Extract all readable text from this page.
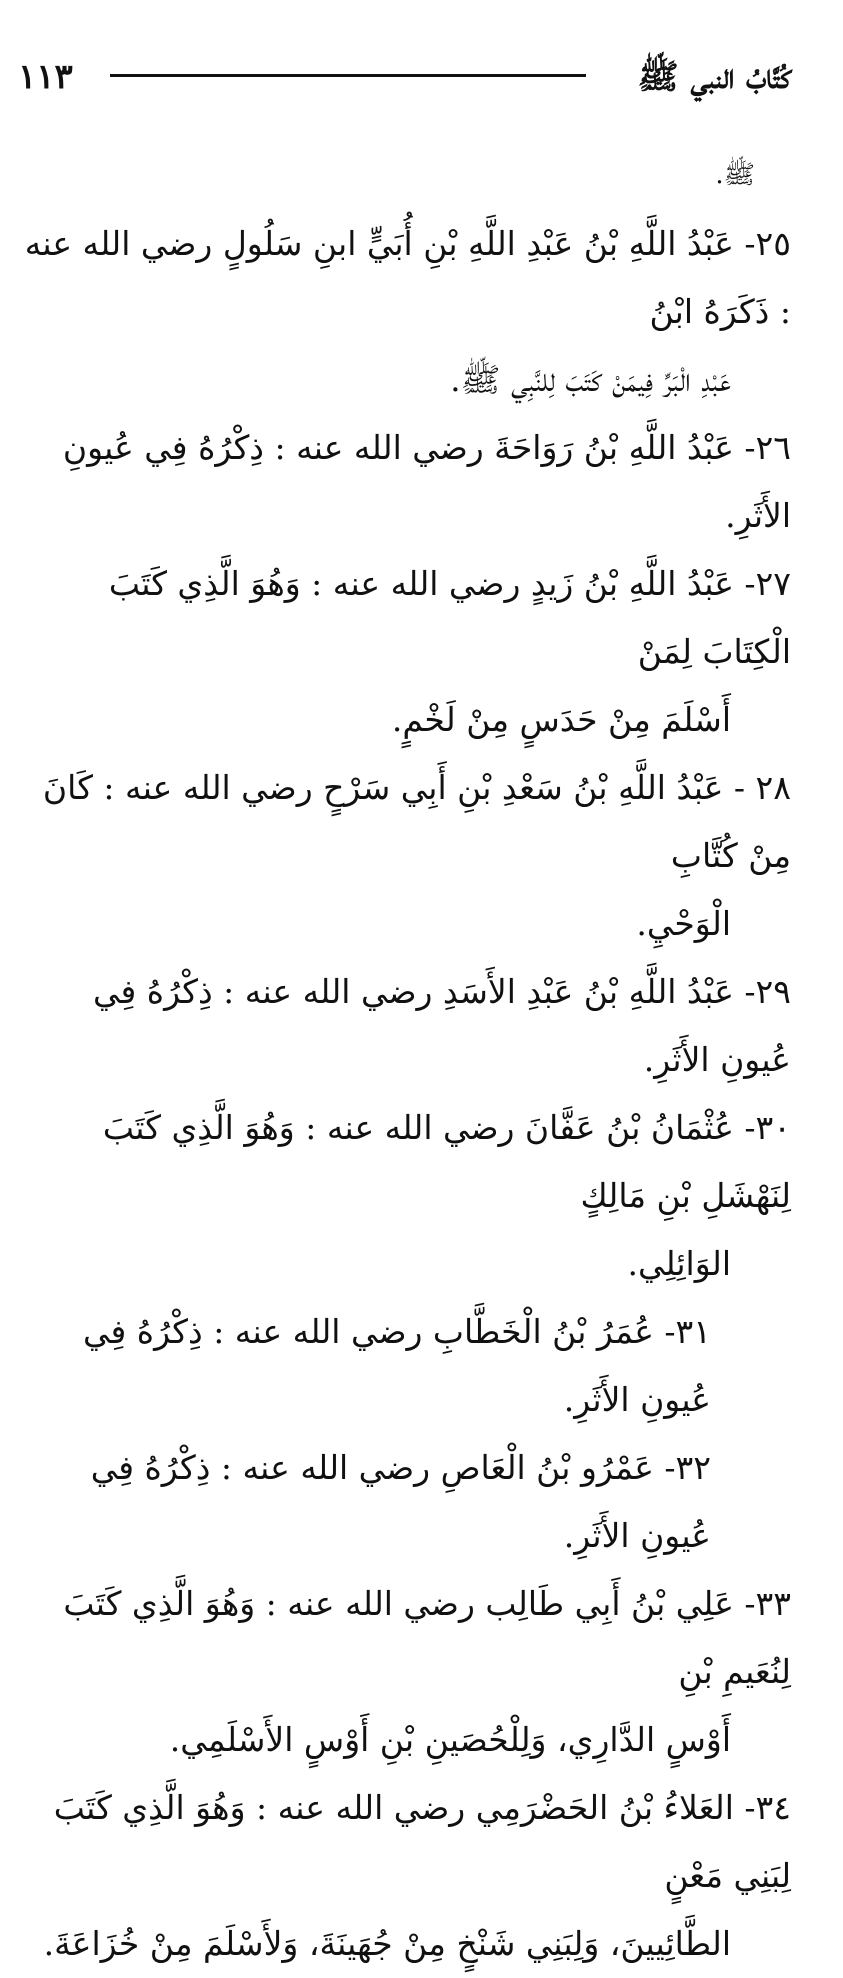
كُتَّابُ النبي ﷺ
١١٣
ﷺ.
٢٥- عَبْدُ اللَّهِ بْنُ عَبْدِ اللَّهِ بْنِ أُبَيٍّ ابنِ سَلُولٍ رضي الله عنه : ذَكَرَهُ ابْنُ
عَبْدِ الْبَرِّ فِيمَنْ كَتَبَ لِلنَّبِي ﷺ.
٢٦- عَبْدُ اللَّهِ بْنُ رَوَاحَةَ رضي الله عنه : ذِكْرُهُ فِي عُيونِ الأَثَرِ.
٢٧- عَبْدُ اللَّهِ بْنُ زَيدٍ رضي الله عنه : وَهُوَ الَّذِي كَتَبَ الْكِتَابَ لِمَنْ
أَسْلَمَ مِنْ حَدَسٍ مِنْ لَخْمٍ.
٢٨ - عَبْدُ اللَّهِ بْنُ سَعْدِ بْنِ أَبِي سَرْحٍ رضي الله عنه : كَانَ مِنْ كُتَّابِ
الْوَحْيِ.
٢٩- عَبْدُ اللَّهِ بْنُ عَبْدِ الأَسَدِ رضي الله عنه : ذِكْرُهُ فِي عُيونِ الأَثَرِ.
٣٠- عُثْمَانُ بْنُ عَفَّانَ رضي الله عنه : وَهُوَ الَّذِي كَتَبَ لِنَهْشَلِ بْنِ مَالِكٍ
الوَائِلِي.
٣١- عُمَرُ بْنُ الْخَطَّابِ رضي الله عنه : ذِكْرُهُ فِي عُيونِ الأَثَرِ.
٣٢- عَمْرُو بْنُ الْعَاصِ رضي الله عنه : ذِكْرُهُ فِي عُيونِ الأَثَرِ.
٣٣- عَلِي بْنُ أَبِي طَالِب رضي الله عنه : وَهُوَ الَّذِي كَتَبَ لِنُعَيمِ بْنِ
أَوْسٍ الدَّارِي، وَلِلْحُصَينِ بْنِ أَوْسٍ الأَسْلَمِي.
٣٤- العَلاءُ بْنُ الحَضْرَمِي رضي الله عنه : وَهُوَ الَّذِي كَتَبَ لِبَنِي مَعْنٍ
الطَّائِيينَ، وَلِبَنِي شَنْخٍ مِنْ جُهَينَةَ، وَلأَسْلَمَ مِنْ خُزَاعَةَ.
